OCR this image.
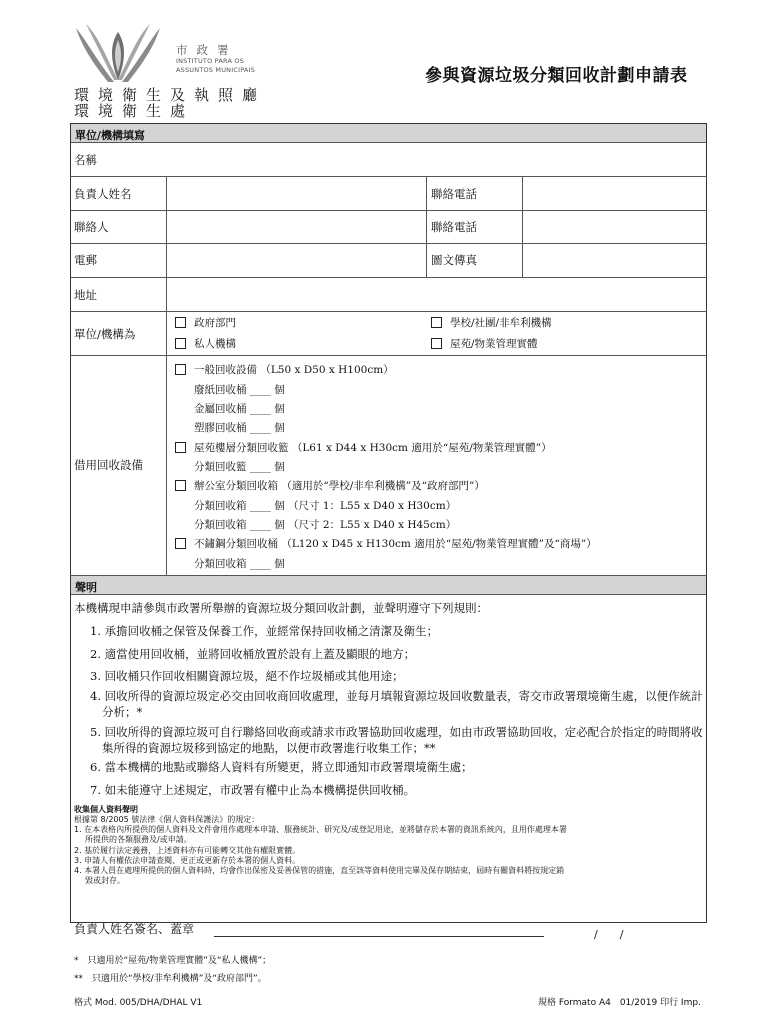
市政署
INSTITUTO PARA OS
ASSUNTOS MUNICIPAIS
環境衛生及執照廳
環境衛生處
參與資源垃圾分類回收計劃申請表
單位/機構填寫
名稱
負責人姓名	聯絡電話
聯絡人	聯絡電話
電郵	圖文傳真
地址
單位/機構為
政府部門	學校/社團/非牟利機構
私人機構	屋苑/物業管理實體
借用回收設備
一般回收設備 （L50 x D50 x H100cm）
廢紙回收桶 ____ 個
金屬回收桶 ____ 個
塑膠回收桶 ____ 個
屋苑樓層分類回收籃 （L61 x D44 x H30cm 適用於“屋苑/物業管理實體”）
分類回收籃 ____ 個
辦公室分類回收箱 （適用於“學校/非牟利機構”及“政府部門”）
分類回收箱 ____ 個 （尺寸 1：L55 x D40 x H30cm）
分類回收箱 ____ 個 （尺寸 2：L55 x D40 x H45cm）
不鏽鋼分類回收桶 （L120 x D45 x H130cm 適用於“屋苑/物業管理實體”及“商場”）
分類回收箱 ____ 個
聲明
本機構現申請參與市政署所舉辦的資源垃圾分類回收計劃，並聲明遵守下列規則：
1. 承擔回收桶之保管及保養工作，並經常保持回收桶之清潔及衛生；
2. 適當使用回收桶，並將回收桶放置於設有上蓋及顯眼的地方；
3. 回收桶只作回收相關資源垃圾，絕不作垃圾桶或其他用途；
4. 回收所得的資源垃圾定必交由回收商回收處理，並每月填報資源垃圾回收數量表，寄交市政署環境衛生處，以便作統計分析；*
5. 回收所得的資源垃圾可自行聯絡回收商或請求市政署協助回收處理，如由市政署協助回收，定必配合於指定的時間將收集所得的資源垃圾移到協定的地點，以便市政署進行收集工作；**
6. 當本機構的地點或聯絡人資料有所變更，將立即通知市政署環境衛生處；
7. 如未能遵守上述規定，市政署有權中止為本機構提供回收桶。
收集個人資料聲明
根據第 8/2005 號法律《個人資料保護法》的規定：
1. 在本表格內所提供的個人資料及文件會用作處理本申請、服務統計、研究及/或登記用途，並將儲存於本署的資訊系統內，且用作處理本署
所提供的各類服務及/或申請。
2. 基於履行法定義務，上述資料亦有可能轉交其他有權限實體。
3. 申請人有權依法申請查閱、更正或更新存於本署的個人資料。
4. 本署人員在處理所提供的個人資料時，均會作出保密及妥善保管的措施，直至該等資料使用完畢及保存期結束，屆時有關資料將按規定銷
毀或封存。
負責人姓名簽名、蓋章	/　　/
*　只適用於“屋苑/物業管理實體”及“私人機構”；
**　只適用於“學校/非牟利機構”及“政府部門”。
格式 Mod. 005/DHA/DHAL V1	規格 Formato A4　01/2019 印行 Imp.
